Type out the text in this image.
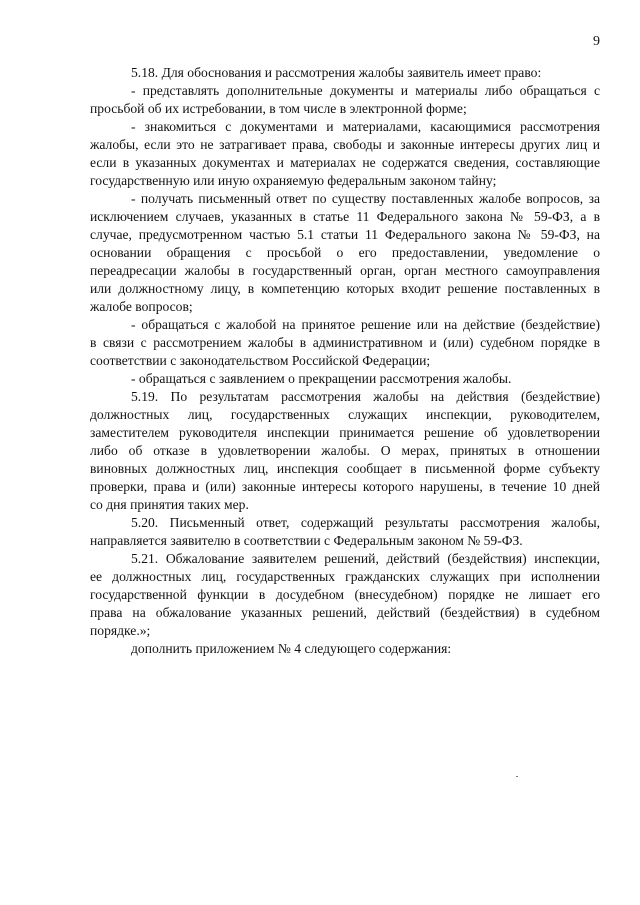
9
5.18. Для обоснования и рассмотрения жалобы заявитель имеет право:
- представлять дополнительные документы и материалы либо обращаться с
просьбой об их истребовании, в том числе в электронной форме;
- знакомиться с документами и материалами, касающимися рассмотрения
жалобы, если это не затрагивает права, свободы и законные интересы других лиц и
если в указанных документах и материалах не содержатся сведения, составляющие
государственную или иную охраняемую федеральным законом тайну;
- получать письменный ответ по существу поставленных жалобе вопросов, за
исключением случаев, указанных в статье 11 Федерального закона № 59-ФЗ, а в
случае, предусмотренном частью 5.1 статьи 11 Федерального закона № 59-ФЗ, на
основании обращения с просьбой о его предоставлении, уведомление о
переадресации жалобы в государственный орган, орган местного самоуправления
или должностному лицу, в компетенцию которых входит решение поставленных в
жалобе вопросов;
- обращаться с жалобой на принятое решение или на действие (бездействие)
в связи с рассмотрением жалобы в административном и (или) судебном порядке в
соответствии с законодательством Российской Федерации;
- обращаться с заявлением о прекращении рассмотрения жалобы.
5.19. По результатам рассмотрения жалобы на действия (бездействие)
должностных лиц, государственных служащих инспекции, руководителем,
заместителем руководителя инспекции принимается решение об удовлетворении
либо об отказе в удовлетворении жалобы. О мерах, принятых в отношении
виновных должностных лиц, инспекция сообщает в письменной форме субъекту
проверки, права и (или) законные интересы которого нарушены, в течение 10 дней
со дня принятия таких мер.
5.20. Письменный ответ, содержащий результаты рассмотрения жалобы,
направляется заявителю в соответствии с Федеральным законом № 59-ФЗ.
5.21. Обжалование заявителем решений, действий (бездействия) инспекции,
ее должностных лиц, государственных гражданских служащих при исполнении
государственной функции в досудебном (внесудебном) порядке не лишает его
права на обжалование указанных решений, действий (бездействия) в судебном
порядке.»;
дополнить приложением № 4 следующего содержания:
